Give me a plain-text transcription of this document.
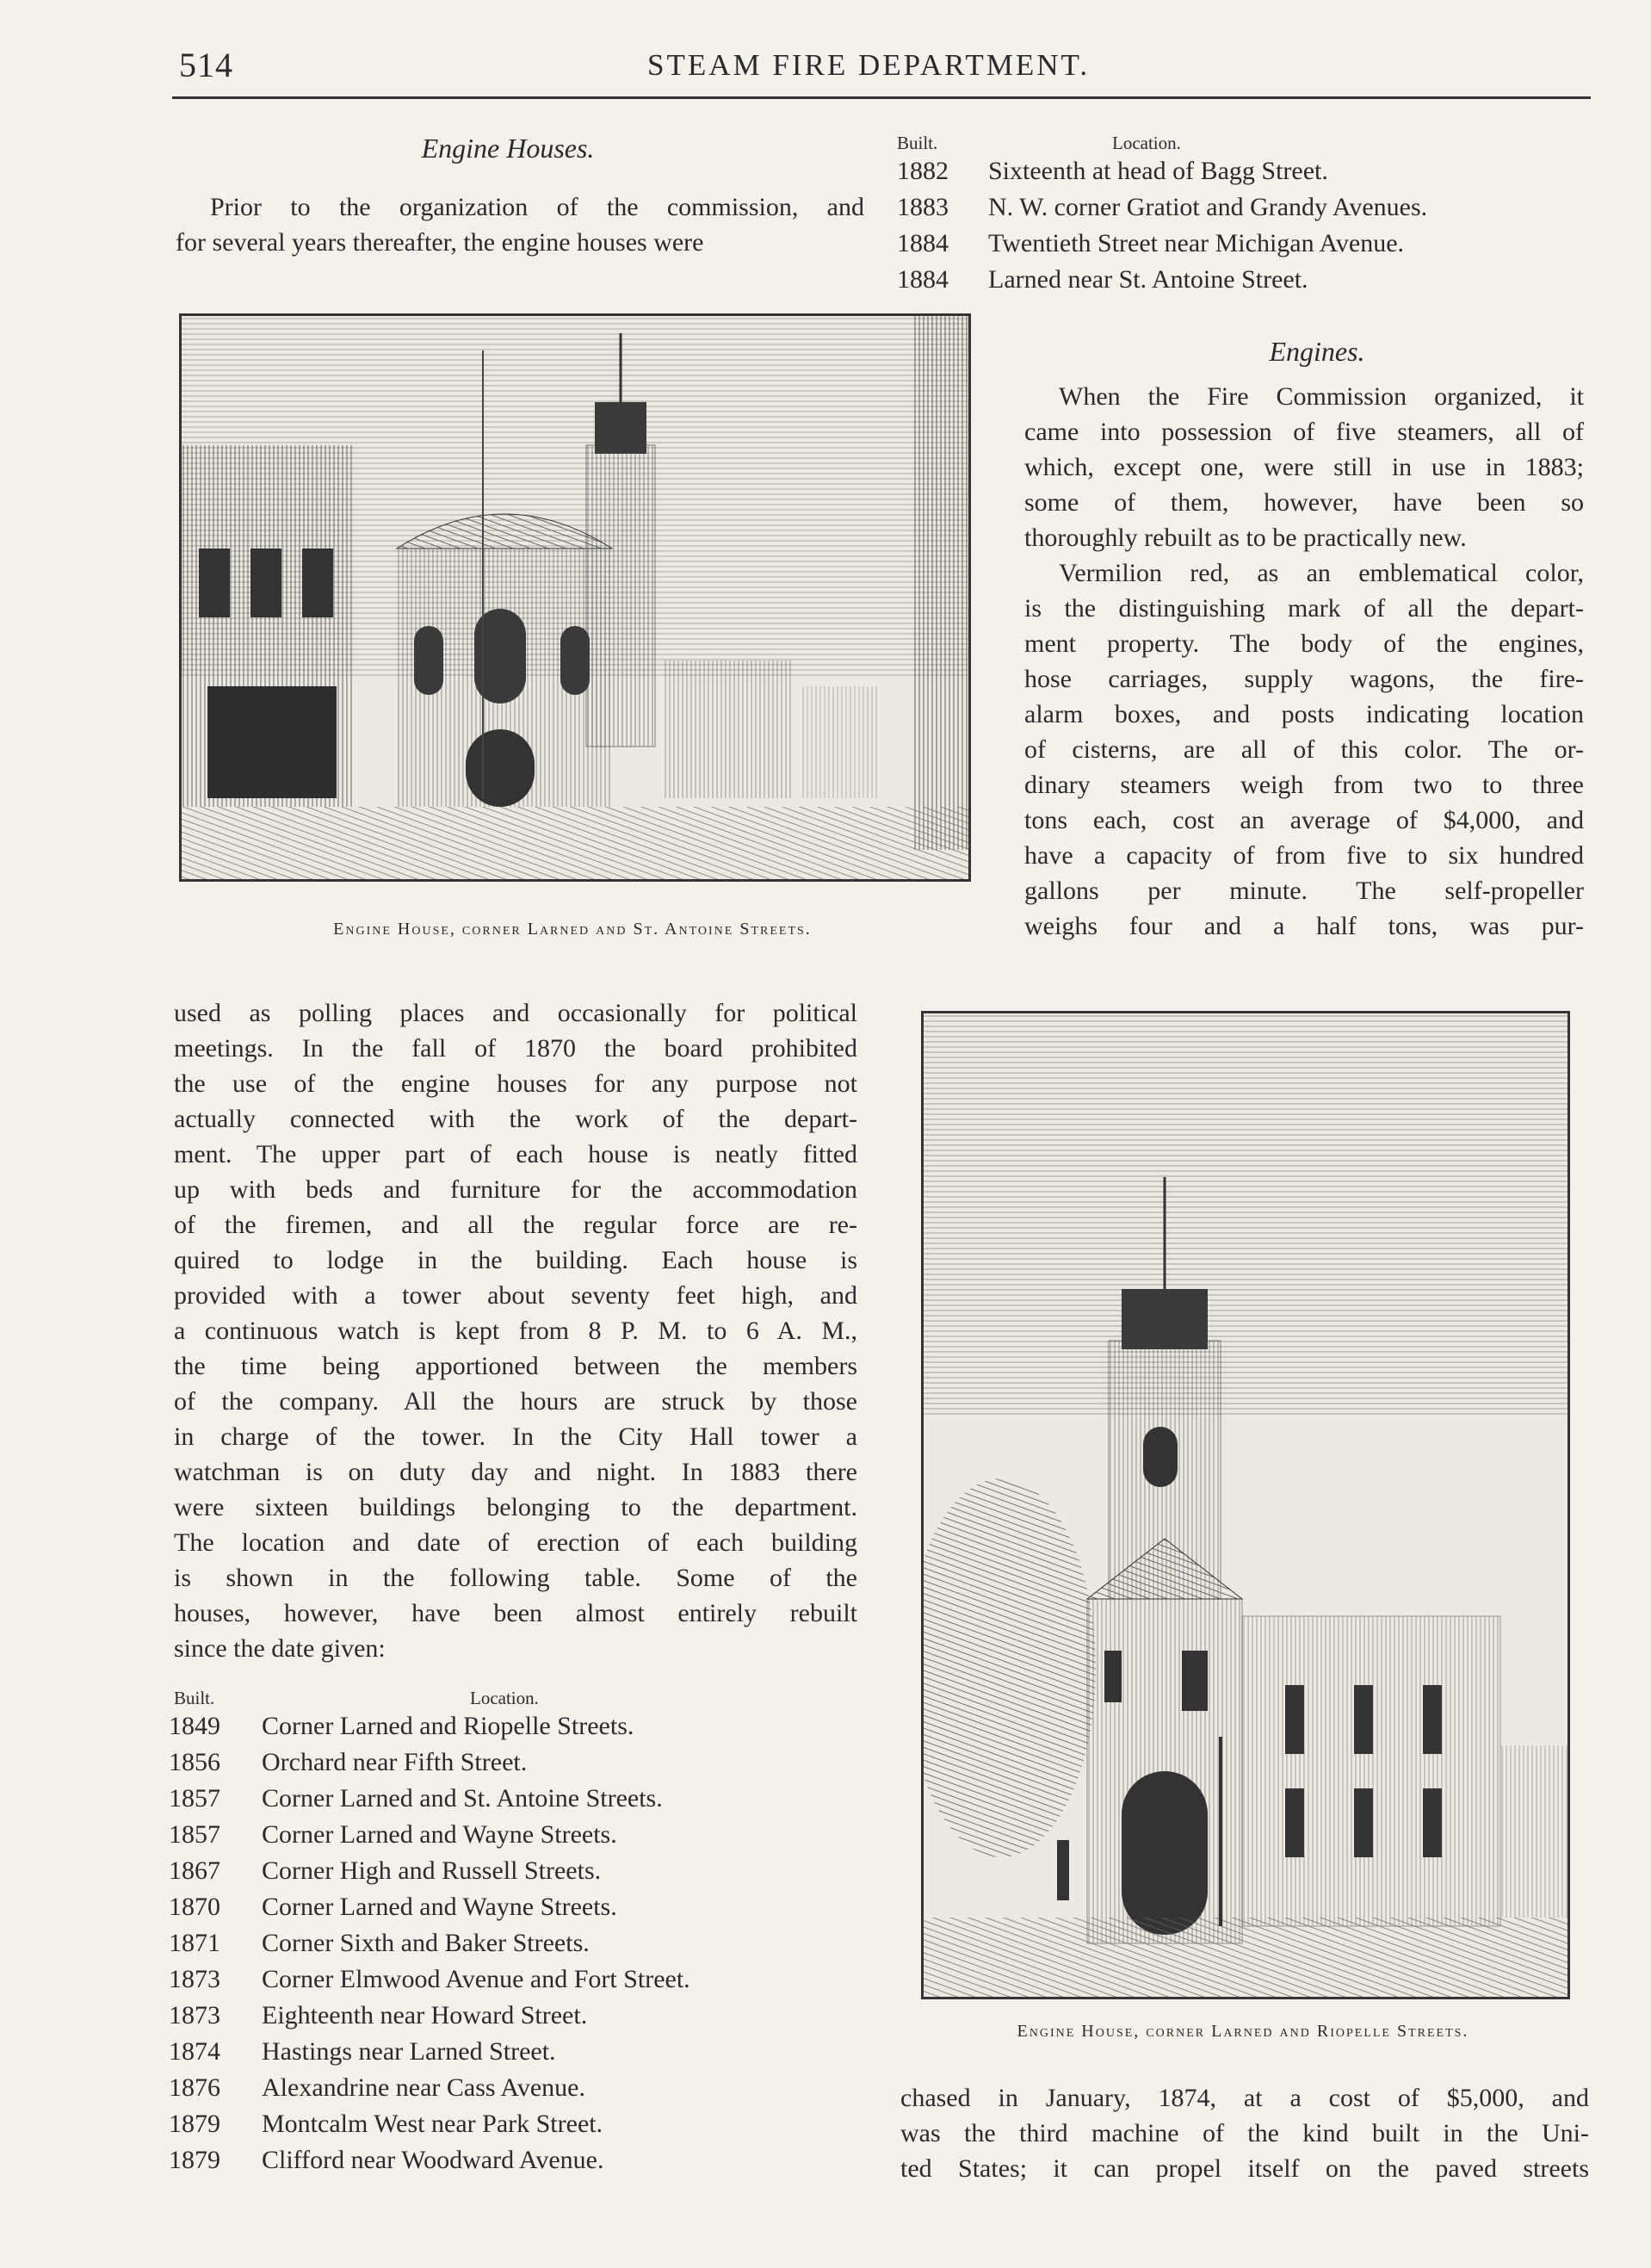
514	STEAM FIRE DEPARTMENT.
Engine Houses.
Prior to the organization of the commission, and
for several years thereafter, the engine houses were
Engine House, corner Larned and St. Antoine Streets.
Built.	Location.
1882	Sixteenth at head of Bagg Street.
1883	N. W. corner Gratiot and Grandy Avenues.
1884	Twentieth Street near Michigan Avenue.
1884	Larned near St. Antoine Street.
Engines.
When the Fire Commission organized, it
came into possession of five steamers, all of
which, except one, were still in use in 1883;
some of them, however, have been so
thoroughly rebuilt as to be practically new.
Vermilion red, as an emblematical color,
is the distinguishing mark of all the depart-
ment property. The body of the engines,
hose carriages, supply wagons, the fire-
alarm boxes, and posts indicating location
of cisterns, are all of this color. The or-
dinary steamers weigh from two to three
tons each, cost an average of $4,000, and
have a capacity of from five to six hundred
gallons per minute. The self-propeller
weighs four and a half tons, was pur-
used as polling places and occasionally for political
meetings. In the fall of 1870 the board prohibited
the use of the engine houses for any purpose not
actually connected with the work of the depart-
ment. The upper part of each house is neatly fitted
up with beds and furniture for the accommodation
of the firemen, and all the regular force are re-
quired to lodge in the building. Each house is
provided with a tower about seventy feet high, and
a continuous watch is kept from 8 P. M. to 6 A. M.,
the time being apportioned between the members
of the company. All the hours are struck by those
in charge of the tower. In the City Hall tower a
watchman is on duty day and night. In 1883 there
were sixteen buildings belonging to the department.
The location and date of erection of each building
is shown in the following table. Some of the
houses, however, have been almost entirely rebuilt
since the date given:
Built.	Location.
1849	Corner Larned and Riopelle Streets.
1856	Orchard near Fifth Street.
1857	Corner Larned and St. Antoine Streets.
1857	Corner Larned and Wayne Streets.
1867	Corner High and Russell Streets.
1870	Corner Larned and Wayne Streets.
1871	Corner Sixth and Baker Streets.
1873	Corner Elmwood Avenue and Fort Street.
1873	Eighteenth near Howard Street.
1874	Hastings near Larned Street.
1876	Alexandrine near Cass Avenue.
1879	Montcalm West near Park Street.
1879	Clifford near Woodward Avenue.
Engine House, corner Larned and Riopelle Streets.
chased in January, 1874, at a cost of $5,000, and
was the third machine of the kind built in the Uni-
ted States; it can propel itself on the paved streets
